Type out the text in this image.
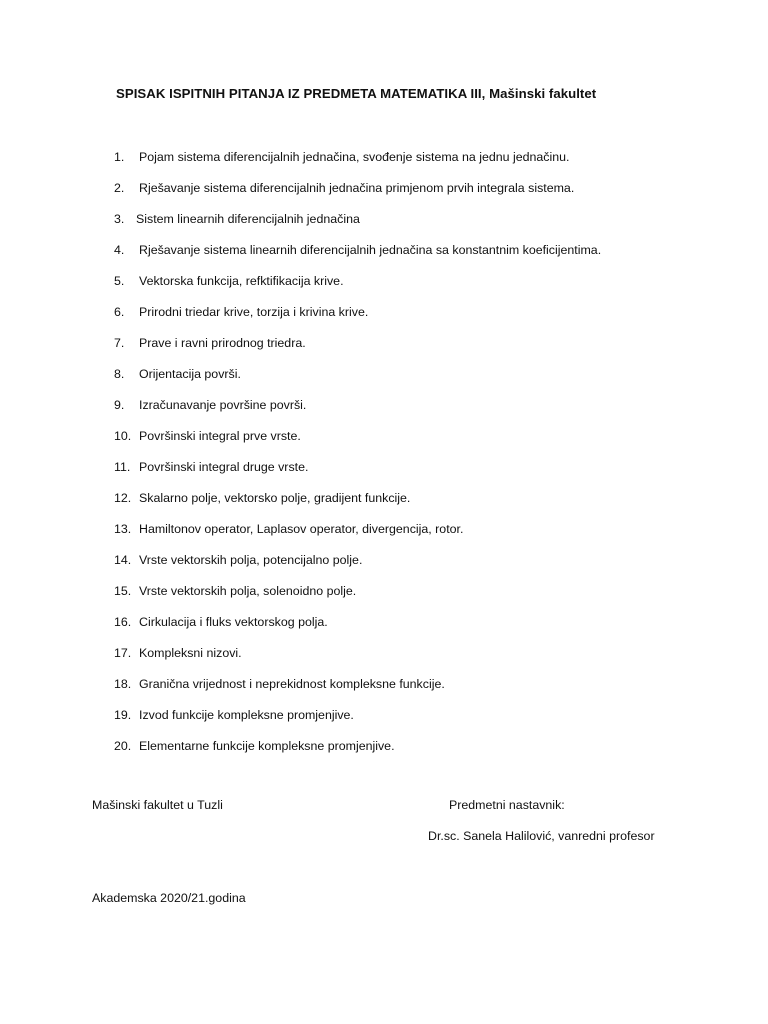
SPISAK ISPITNIH PITANJA IZ PREDMETA MATEMATIKA III, Mašinski fakultet
1. Pojam sistema diferencijalnih jednačina, svođenje sistema na jednu jednačinu.
2. Rješavanje sistema diferencijalnih jednačina primjenom prvih integrala sistema.
3. Sistem linearnih diferencijalnih jednačina
4. Rješavanje sistema linearnih diferencijalnih jednačina sa konstantnim koeficijentima.
5. Vektorska funkcija, refktifikacija krive.
6. Prirodni triedar krive, torzija i krivina krive.
7. Prave i ravni prirodnog triedra.
8. Orijentacija površi.
9. Izračunavanje površine površi.
10. Površinski integral prve vrste.
11. Površinski integral druge vrste.
12. Skalarno polje, vektorsko polje, gradijent funkcije.
13. Hamiltonov operator, Laplasov operator, divergencija, rotor.
14. Vrste vektorskih polja, potencijalno polje.
15. Vrste vektorskih polja, solenoidno polje.
16. Cirkulacija i fluks vektorskog polja.
17. Kompleksni nizovi.
18. Granična vrijednost i neprekidnost kompleksne funkcije.
19. Izvod funkcije kompleksne promjenjive.
20. Elementarne funkcije kompleksne promjenjive.
Mašinski fakultet u Tuzli	Predmetni nastavnik:
Dr.sc. Sanela Halilović, vanredni profesor
Akademska 2020/21.godina
